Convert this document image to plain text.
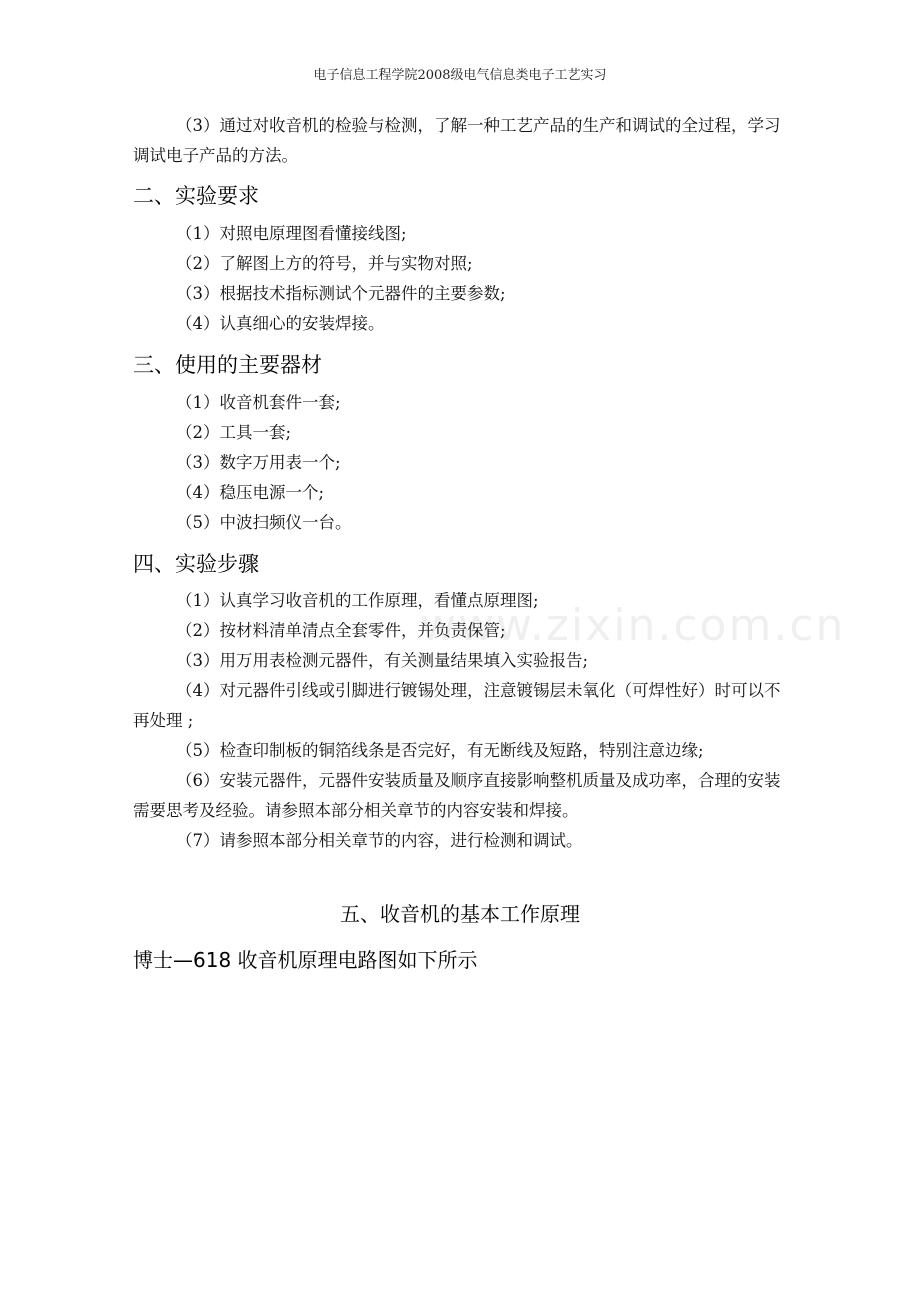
电子信息工程学院2008级电气信息类电子工艺实习

（3）通过对收音机的检验与检测，了解一种工艺产品的生产和调试的全过程，学习

调试电子产品的方法。

二、实验要求

（1）对照电原理图看懂接线图;

（2）了解图上方的符号，并与实物对照;

（3）根据技术指标测试个元器件的主要参数;

（4）认真细心的安装焊接。

三、使用的主要器材

（1）收音机套件一套;

（2）工具一套;

（3）数字万用表一个;

（4）稳压电源一个;

（5）中波扫频仪一台。

四、实验步骤

（1）认真学习收音机的工作原理，看懂点原理图;

（2）按材料清单清点全套零件，并负责保管;

（3）用万用表检测元器件，有关测量结果填入实验报告;

（4）对元器件引线或引脚进行镀锡处理，注意镀锡层未氧化（可焊性好）时可以不

再处理 ;

（5）检查印制板的铜箔线条是否完好，有无断线及短路，特别注意边缘;

（6）安装元器件，元器件安装质量及顺序直接影响整机质量及成功率，合理的安装

需要思考及经验。请参照本部分相关章节的内容安装和焊接。

（7）请参照本部分相关章节的内容，进行检测和调试。

五、收音机的基本工作原理
博士—618 收音机原理电路图如下所示
www.zixin.com.cn
